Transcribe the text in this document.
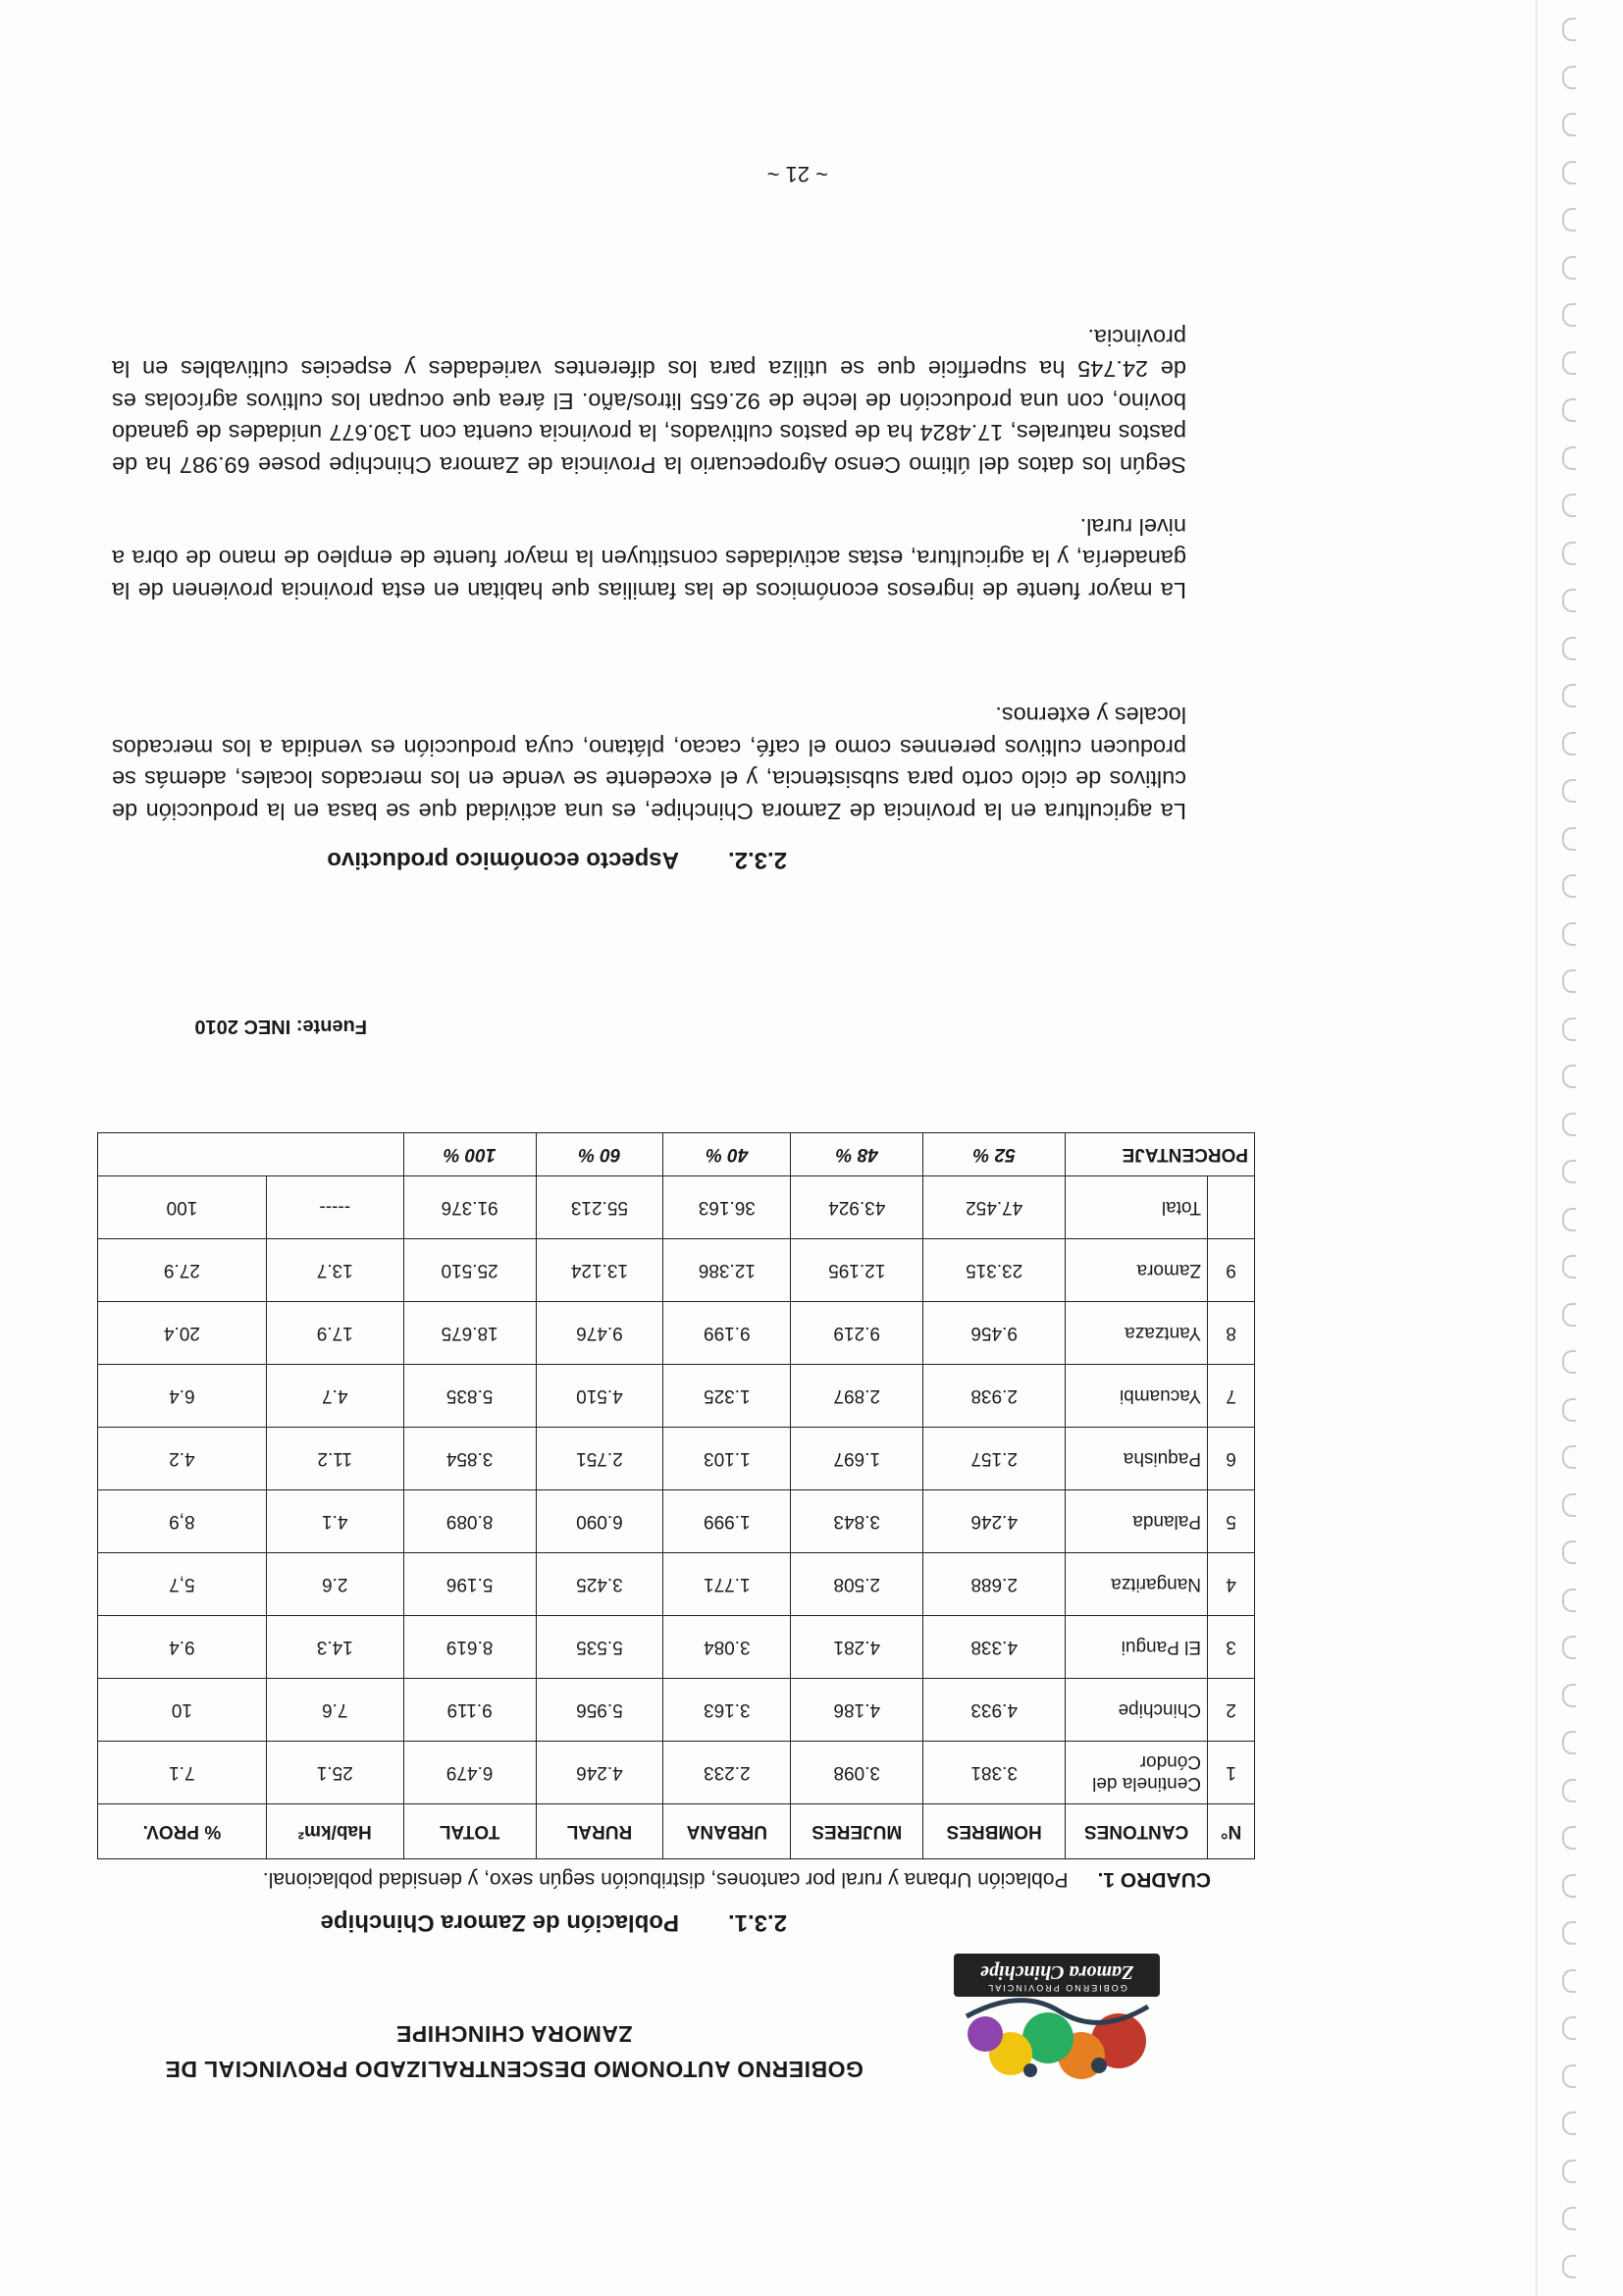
GOBIERNO PROVINCIAL
Zamora Chinchipe
GOBIERNO AUTONOMO DESCENTRALIZADO PROVINCIAL DE
ZAMORA CHINCHIPE
2.3.1.Población de Zamora Chinchipe
CUADRO 1.Población Urbana y rural por cantones, distribución según sexo, y densidad poblacional.
N°	CANTONES	HOMBRES	MUJERES	URBANA	RURAL	TOTAL	Hab/km²	% PROV.
1	Centinela del Cóndor	3.381	3.098	2.233	4.246	6.479	25.1	7.1
2	Chinchipe	4.933	4.186	3.163	5.956	9.119	7.6	10
3	El Pangui	4.338	4.281	3.084	5.535	8.619	14.3	9.4
4	Nangaritza	2.688	2.508	1.771	3.425	5.196	2.6	5,7
5	Palanda	4.246	3.843	1.999	6.090	8.089	4.1	8,9
6	Paquisha	2.157	1.697	1.103	2.751	3.854	11.2	4.2
7	Yacuambi	2.938	2.897	1.325	4.510	5.835	4.7	6.4
8	Yantzaza	9.456	9.219	9.199	9.476	18.675	17.9	20.4
9	Zamora	23.315	12.195	12.386	13.124	25.510	13.7	27.9
	Total	47.452	43.924	36.163	55.213	91.376	-----	100
PORCENTAJE		52 %	48 %	40 %	60 %	100 %		
Fuente: INEC 2010
2.3.2.Aspecto económico productivo
La agricultura en la provincia de Zamora Chinchipe, es una actividad que se basa en la producción de cultivos de ciclo corto para subsistencia, y el excedente se vende en los mercados locales, además se producen cultivos perennes como el café, cacao, plátano, cuya producción es vendida a los mercados locales y externos.
La mayor fuente de ingresos económicos de las familias que habitan en esta provincia provienen de la ganadería, y la agricultura, estas actividades constituyen la mayor fuente de empleo de mano de obra a nivel rural.
Según los datos del último Censo Agropecuario la Provincia de Zamora Chinchipe posee 69.987 ha de pastos naturales, 17.4824 ha de pastos cultivados, la provincia cuenta con 130.677 unidades de ganado bovino, con una producción de leche de 92.655 litros/año. El área que ocupan los cultivos agrícolas es de 24.745 ha superficie que se utiliza para los diferentes variedades y especies cultivables en la provincia.
~ 21 ~
